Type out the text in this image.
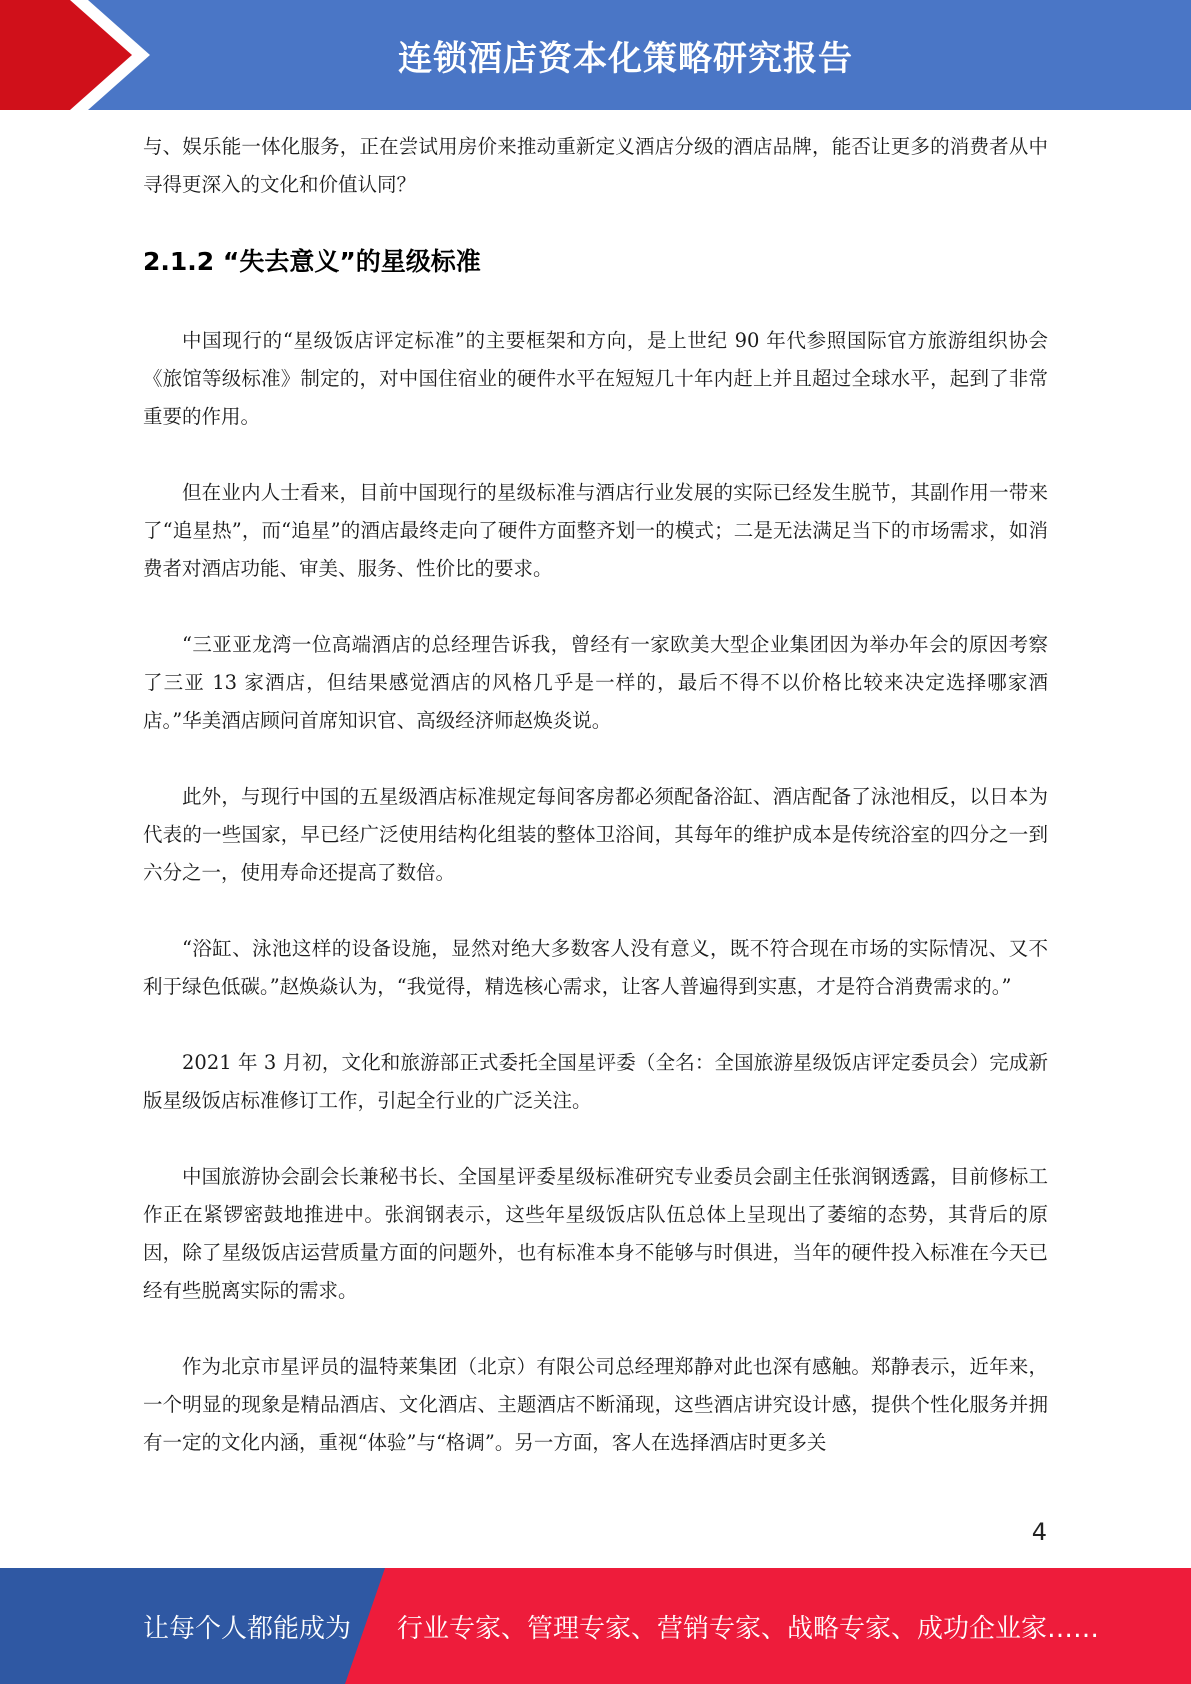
连锁酒店资本化策略研究报告

与、娱乐能一体化服务，正在尝试用房价来推动重新定义酒店分级的酒店品牌，能否让更多的消费者从中寻得更深入的文化和价值认同？

2.1.2 “失去意义”的星级标准

中国现行的“星级饭店评定标准”的主要框架和方向，是上世纪 90 年代参照国际官方旅游组织协会《旅馆等级标准》制定的，对中国住宿业的硬件水平在短短几十年内赶上并且超过全球水平，起到了非常重要的作用。

但在业内人士看来，目前中国现行的星级标准与酒店行业发展的实际已经发生脱节，其副作用一带来了“追星热”，而“追星”的酒店最终走向了硬件方面整齐划一的模式；二是无法满足当下的市场需求，如消费者对酒店功能、审美、服务、性价比的要求。

“三亚亚龙湾一位高端酒店的总经理告诉我，曾经有一家欧美大型企业集团因为举办年会的原因考察了三亚 13 家酒店，但结果感觉酒店的风格几乎是一样的，最后不得不以价格比较来决定选择哪家酒店。”华美酒店顾问首席知识官、高级经济师赵焕炎说。

此外，与现行中国的五星级酒店标准规定每间客房都必须配备浴缸、酒店配备了泳池相反，以日本为代表的一些国家，早已经广泛使用结构化组装的整体卫浴间，其每年的维护成本是传统浴室的四分之一到六分之一，使用寿命还提高了数倍。

“浴缸、泳池这样的设备设施，显然对绝大多数客人没有意义，既不符合现在市场的实际情况、又不利于绿色低碳。”赵焕焱认为，“我觉得，精选核心需求，让客人普遍得到实惠，才是符合消费需求的。”

2021 年 3 月初，文化和旅游部正式委托全国星评委（全名：全国旅游星级饭店评定委员会）完成新版星级饭店标准修订工作，引起全行业的广泛关注。

中国旅游协会副会长兼秘书长、全国星评委星级标准研究专业委员会副主任张润钢透露，目前修标工作正在紧锣密鼓地推进中。张润钢表示，这些年星级饭店队伍总体上呈现出了萎缩的态势，其背后的原因，除了星级饭店运营质量方面的问题外，也有标准本身不能够与时俱进，当年的硬件投入标准在今天已经有些脱离实际的需求。

作为北京市星评员的温特莱集团（北京）有限公司总经理郑静对此也深有感触。郑静表示，近年来，一个明显的现象是精品酒店、文化酒店、主题酒店不断涌现，这些酒店讲究设计感，提供个性化服务并拥有一定的文化内涵，重视“体验”与“格调”。另一方面，客人在选择酒店时更多关

4
让每个人都能成为 行业专家、管理专家、营销专家、战略专家、成功企业家……
